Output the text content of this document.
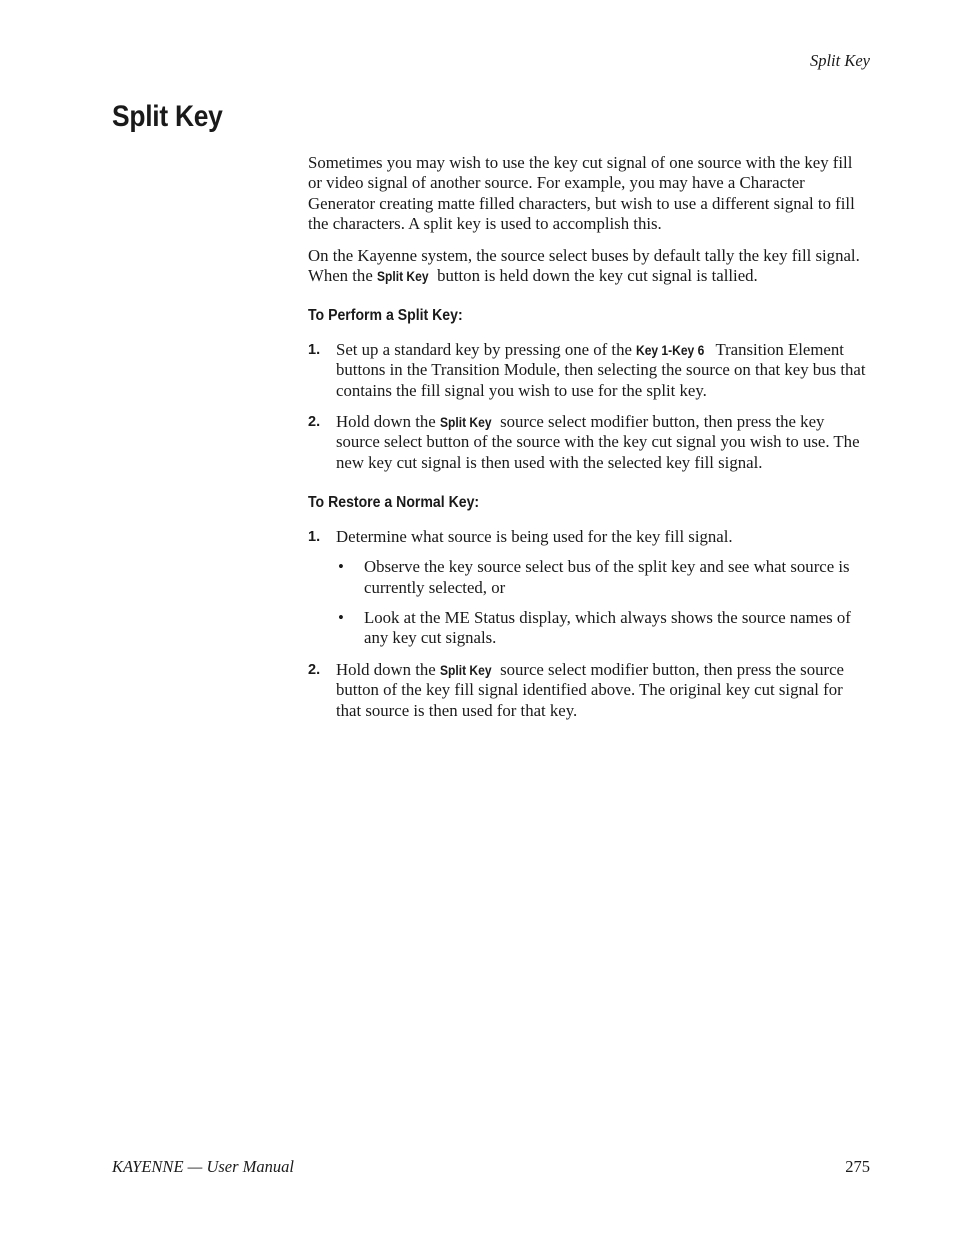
Split Key
Split Key

Sometimes you may wish to use the key cut signal of one source with the key fill or video signal of another source. For example, you may have a Character Generator creating matte filled characters, but wish to use a different signal to fill the characters. A split key is used to accomplish this.

On the Kayenne system, the source select buses by default tally the key fill signal. When the Split Key button is held down the key cut signal is tallied.

To Perform a Split Key:
1. Set up a standard key by pressing one of the Key 1-Key 6 Transition Element buttons in the Transition Module, then selecting the source on that key bus that contains the fill signal you wish to use for the split key.
2. Hold down the Split Key source select modifier button, then press the key source select button of the source with the key cut signal you wish to use. The new key cut signal is then used with the selected key fill signal.
To Restore a Normal Key:
1. Determine what source is being used for the key fill signal.
• Observe the key source select bus of the split key and see what source is currently selected, or
• Look at the ME Status display, which always shows the source names of any key cut signals.
2. Hold down the Split Key source select modifier button, then press the source button of the key fill signal identified above. The original key cut signal for that source is then used for that key.
KAYENNE — User Manual	275
